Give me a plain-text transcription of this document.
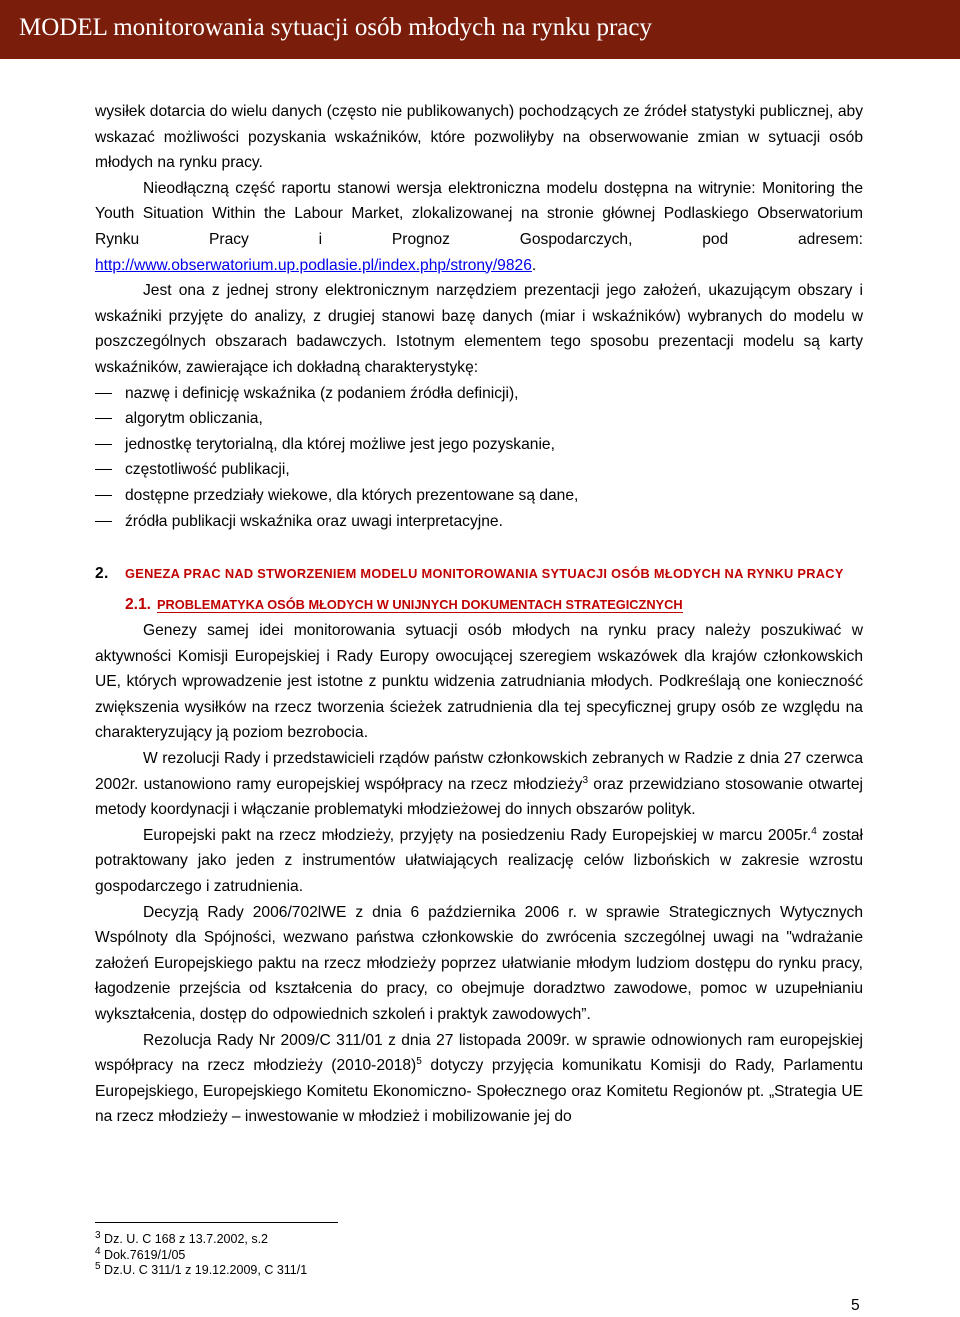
MODEL monitorowania sytuacji osób młodych na rynku pracy

wysiłek dotarcia do wielu danych (często nie publikowanych) pochodzących ze źródeł statystyki publicznej, aby wskazać możliwości pozyskania wskaźników, które pozwoliłyby na obserwowanie zmian w sytuacji osób młodych na rynku pracy.

Nieodłączną część raportu stanowi wersja elektroniczna modelu dostępna na witrynie: Monitoring the Youth Situation Within the Labour Market, zlokalizowanej na stronie głównej Podlaskiego Obserwatorium Rynku Pracy i Prognoz Gospodarczych, pod adresem: http://www.obserwatorium.up.podlasie.pl/index.php/strony/9826.

Jest ona z jednej strony elektronicznym narzędziem prezentacji jego założeń, ukazującym obszary i wskaźniki przyjęte do analizy, z drugiej stanowi bazę danych (miar i wskaźników) wybranych do modelu w poszczególnych obszarach badawczych. Istotnym elementem tego sposobu prezentacji modelu są karty wskaźników, zawierające ich dokładną charakterystykę:

nazwę i definicję wskaźnika (z podaniem źródła definicji),
algorytm obliczania,
jednostkę terytorialną, dla której możliwe jest jego pozyskanie,
częstotliwość publikacji,
dostępne przedziały wiekowe, dla których prezentowane są dane,
źródła publikacji wskaźnika oraz uwagi interpretacyjne.
2. GENEZA PRAC NAD STWORZENIEM MODELU MONITOROWANIA SYTUACJI OSÓB MŁODYCH NA RYNKU PRACY
2.1. PROBLEMATYKA OSÓB MŁODYCH W UNIJNYCH DOKUMENTACH STRATEGICZNYCH

Genezy samej idei monitorowania sytuacji osób młodych na rynku pracy należy poszukiwać w aktywności Komisji Europejskiej i Rady Europy owocującej szeregiem wskazówek dla krajów członkowskich UE, których wprowadzenie jest istotne z punktu widzenia zatrudniania młodych. Podkreślają one konieczność zwiększenia wysiłków na rzecz tworzenia ścieżek zatrudnienia dla tej specyficznej grupy osób ze względu na charakteryzujący ją poziom bezrobocia.

W rezolucji Rady i przedstawicieli rządów państw członkowskich zebranych w Radzie z dnia 27 czerwca 2002r. ustanowiono ramy europejskiej współpracy na rzecz młodzieży$^3$ oraz przewidziano stosowanie otwartej metody koordynacji i włączanie problematyki młodzieżowej do innych obszarów polityk.

Europejski pakt na rzecz młodzieży, przyjęty na posiedzeniu Rady Europejskiej w marcu 2005r.$^4$ został potraktowany jako jeden z instrumentów ułatwiających realizację celów lizbońskich w zakresie wzrostu gospodarczego i zatrudnienia.

Decyzją Rady 2006/702lWE z dnia 6 października 2006 r. w sprawie Strategicznych Wytycznych Wspólnoty dla Spójności, wezwano państwa członkowskie do zwrócenia szczególnej uwagi na "wdrażanie założeń Europejskiego paktu na rzecz młodzieży poprzez ułatwianie młodym ludziom dostępu do rynku pracy, łagodzenie przejścia od kształcenia do pracy, co obejmuje doradztwo zawodowe, pomoc w uzupełnianiu wykształcenia, dostęp do odpowiednich szkoleń i praktyk zawodowych”.

Rezolucja Rady Nr 2009/C 311/01 z dnia 27 listopada 2009r. w sprawie odnowionych ram europejskiej współpracy na rzecz młodzieży (2010-2018)$^5$ dotyczy przyjęcia komunikatu Komisji do Rady, Parlamentu Europejskiego, Europejskiego Komitetu Ekonomiczno- Społecznego oraz Komitetu Regionów pt. „Strategia UE na rzecz młodzieży – inwestowanie w młodzież i mobilizowanie jej do

$^3$ Dz. U. C 168 z 13.7.2002, s.2
$^4$ Dok.7619/1/05
$^5$ Dz.U. C 311/1 z 19.12.2009, C 311/1
5
